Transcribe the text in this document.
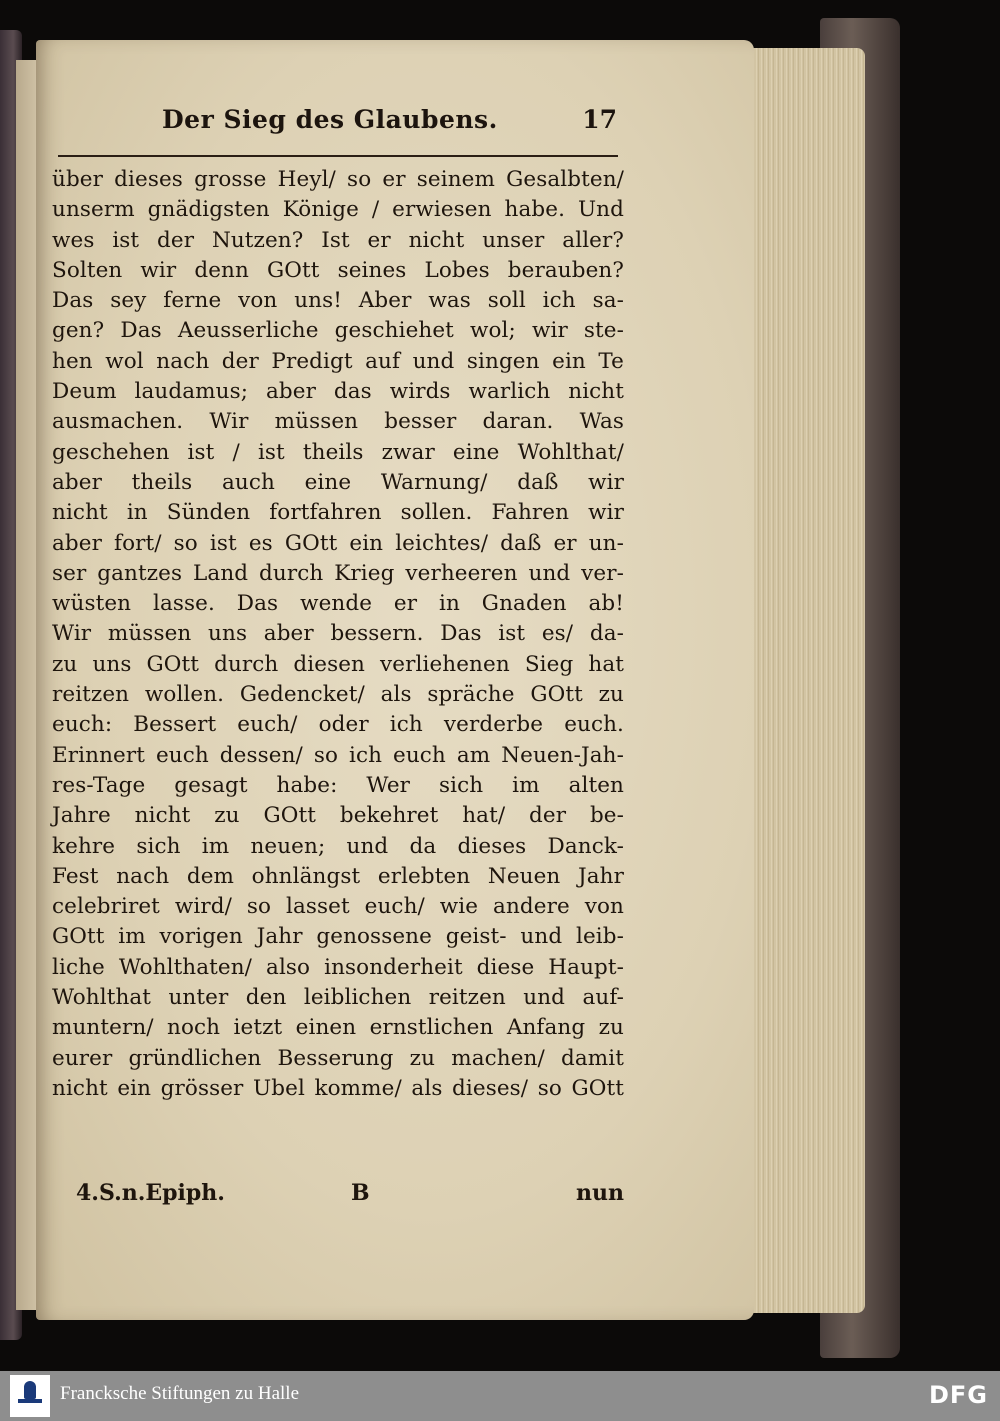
Der Sieg des Glaubens.	17
über dieses grosse Heyl/ so er seinem Gesalbten/
unserm gnädigsten Könige / erwiesen habe. Und
wes ist der Nutzen? Ist er nicht unser aller?
Solten wir denn GOtt seines Lobes berauben?
Das sey ferne von uns! Aber was soll ich sa-
gen? Das Aeusserliche geschiehet wol; wir ste-
hen wol nach der Predigt auf und singen ein Te
Deum laudamus; aber das wirds warlich nicht
ausmachen. Wir müssen besser daran. Was
geschehen ist / ist theils zwar eine Wohlthat/
aber theils auch eine Warnung/ daß wir
nicht in Sünden fortfahren sollen. Fahren wir
aber fort/ so ist es GOtt ein leichtes/ daß er un-
ser gantzes Land durch Krieg verheeren und ver-
wüsten lasse. Das wende er in Gnaden ab!
Wir müssen uns aber bessern. Das ist es/ da-
zu uns GOtt durch diesen verliehenen Sieg hat
reitzen wollen. Gedencket/ als spräche GOtt zu
euch: Bessert euch/ oder ich verderbe euch.
Erinnert euch dessen/ so ich euch am Neuen-Jah-
res-Tage gesagt habe: Wer sich im alten
Jahre nicht zu GOtt bekehret hat/ der be-
kehre sich im neuen; und da dieses Danck-
Fest nach dem ohnlängst erlebten Neuen Jahr
celebriret wird/ so lasset euch/ wie andere von
GOtt im vorigen Jahr genossene geist- und leib-
liche Wohlthaten/ also insonderheit diese Haupt-
Wohlthat unter den leiblichen reitzen und auf-
muntern/ noch ietzt einen ernstlichen Anfang zu
eurer gründlichen Besserung zu machen/ damit
nicht ein grösser Ubel komme/ als dieses/ so GOtt
4.S.n.Epiph.	B	nun
Francksche Stiftungen zu Halle	DFG
